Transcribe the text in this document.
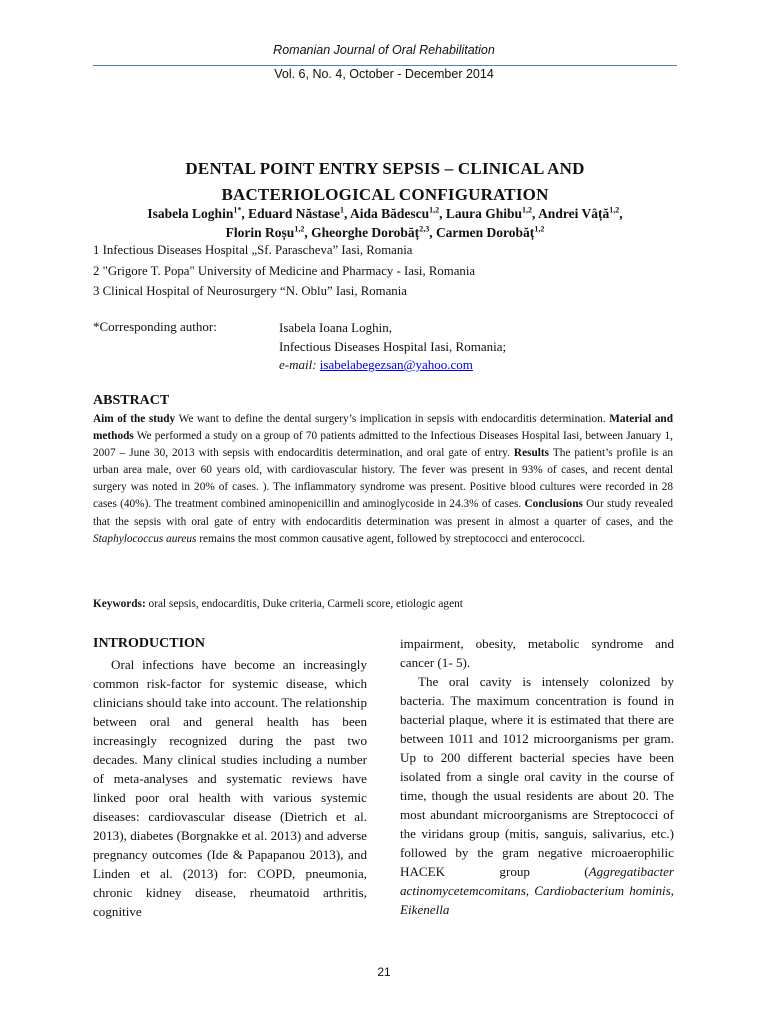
Romanian Journal of Oral Rehabilitation
Vol. 6, No. 4, October - December 2014
DENTAL POINT ENTRY SEPSIS – CLINICAL AND
BACTERIOLOGICAL CONFIGURATION
Isabela Loghin$^{1*}$, Eduard Năstase$^1$, Aida Bădescu$^{1,2}$, Laura Ghibu$^{1,2}$, Andrei Vâță$^{1,2}$,
Florin Roșu$^{1,2}$, Gheorghe Dorobăț$^{2,3}$, Carmen Dorobăț$^{1,2}$
1 Infectious Diseases Hospital „Sf. Parascheva” Iasi, Romania
2 "Grigore T. Popa" University of Medicine and Pharmacy - Iasi, Romania
3 Clinical Hospital of Neurosurgery “N. Oblu” Iasi, Romania
*Corresponding author:	Isabela Ioana Loghin,
Infectious Diseases Hospital Iasi, Romania;
e-mail: isabelabegezsan@yahoo.com
ABSTRACT
Aim of the study We want to define the dental surgery’s implication in sepsis with endocarditis determination. Material and methods We performed a study on a group of 70 patients admitted to the Infectious Diseases Hospital Iasi, between January 1, 2007 – June 30, 2013 with sepsis with endocarditis determination, and oral gate of entry. Results The patient’s profile is an urban area male, over 60 years old, with cardiovascular history. The fever was present in 93% of cases, and recent dental surgery was noted in 20% of cases. ). The inflammatory syndrome was present. Positive blood cultures were recorded in 28 cases (40%). The treatment combined aminopenicillin and aminoglycoside in 24.3% of cases. Conclusions Our study revealed that the sepsis with oral gate of entry with endocarditis determination was present in almost a quarter of cases, and the Staphylococcus aureus remains the most common causative agent, followed by streptococci and enterococci.
Keywords: oral sepsis, endocarditis, Duke criteria, Carmeli score, etiologic agent
INTRODUCTION

Oral infections have become an increasingly common risk-factor for systemic disease, which clinicians should take into account. The relationship between oral and general health has been increasingly recognized during the past two decades. Many clinical studies including a number of meta-analyses and systematic reviews have linked poor oral health with various systemic diseases: cardiovascular disease (Dietrich et al. 2013), diabetes (Borgnakke et al. 2013) and adverse pregnancy outcomes (Ide & Papapanou 2013), and Linden et al. (2013) for: COPD, pneumonia, chronic kidney disease, rheumatoid arthritis, cognitive

impairment, obesity, metabolic syndrome and cancer (1- 5).

The oral cavity is intensely colonized by bacteria. The maximum concentration is found in bacterial plaque, where it is estimated that there are between 1011 and 1012 microorganisms per gram. Up to 200 different bacterial species have been isolated from a single oral cavity in the course of time, though the usual residents are about 20. The most abundant microorganisms are Streptococci of the viridans group (mitis, sanguis, salivarius, etc.) followed by the gram negative microaerophilic HACEK group (Aggregatibacter actinomycetemcomitans, Cardiobacterium hominis, Eikenella

21
